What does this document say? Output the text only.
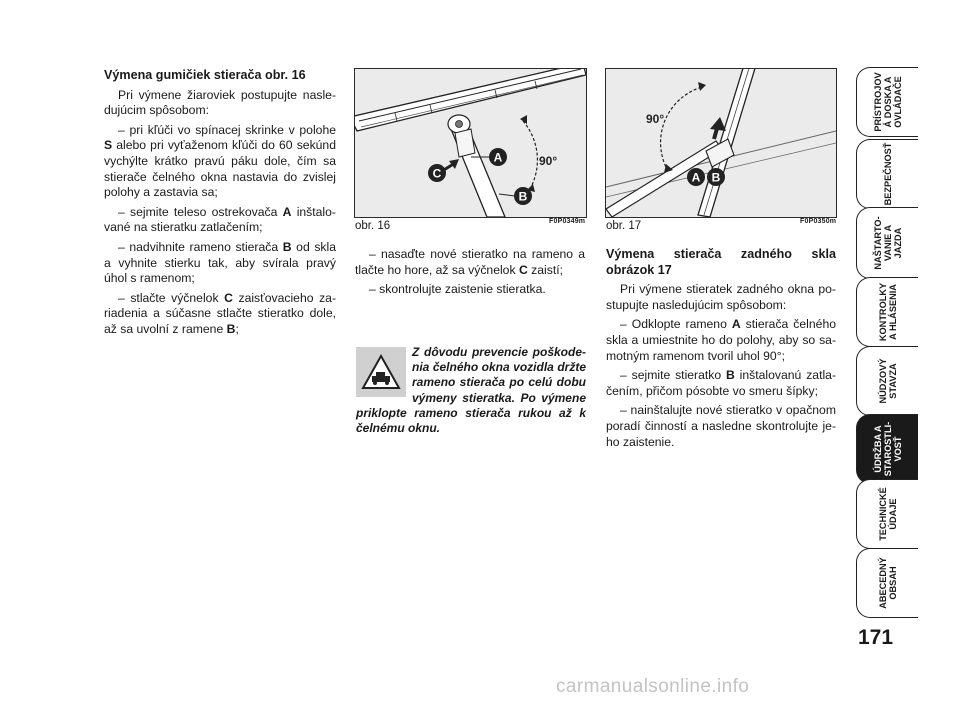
Výmena gumičiek stierača obr. 16

Pri výmene žiaroviek postupujte nasle- dujúcim spôsobom:

– pri kľúči vo spínacej skrinke v polohe S alebo pri vyťaženom kľúči do 60 sekúnd vychýlte krátko pravú páku dole, čím sa stierače čelného okna nastavia do zvislej polohy a zastavia sa;

– sejmite teleso ostrekovača A inštalo- vané na stieratku zatlačením;

– nadvihnite rameno stierača B od skla a vyhnite stierku tak, aby svírala pravý úhol s ramenom;

– stlačte výčnelok C zaisťovacieho za- riadenia a súčasne stlačte stieratko dole, až sa uvolní z ramene B;

A
B
C
90°
obr. 16	F0P0349m

– nasaďte nové stieratko na rameno a tlačte ho hore, až sa výčnelok C zaistí;

– skontrolujte zaistenie stieratka.

Z dôvodu prevencie poškode- nia čelného okna vozidla držte rameno stierača po celú dobu výmeny stieratka. Po výmene priklopte rameno stierača rukou až k čelnému oknu.
A B
90°
obr. 17	F0P0350m
Výmena stierača zadného skla obrázok 17

Pri výmene stieratek zadného okna po- stupujte nasledujúcim spôsobom:

– Odklopte rameno A stierača čelného skla a umiestnite ho do polohy, aby so sa- motným ramenom tvoril uhol 90°;

– sejmite stieratko B inštalovanú zatla- čením, přičom pósobte vo smeru šípky;

– nainštalujte nové stieratko v opačnom poradí činností a nasledne skontrolujte je- ho zaistenie.

PRÍSTROJOV
Á DOSKA A
OVLÁDAČE
BEZPEČNOSŤ
NAŠTARTO-
VANIE A
JAZDA
KONTROLKY
A HLÁSENIA
NÚDZOVÝ
STAVZA
ÚDRŽBA A
STAROSTLI-
VOSŤ
TECHNICKÉ
ÚDAJE
ABECEDNÝ
OBSAH
171
carmanualsonline.info
